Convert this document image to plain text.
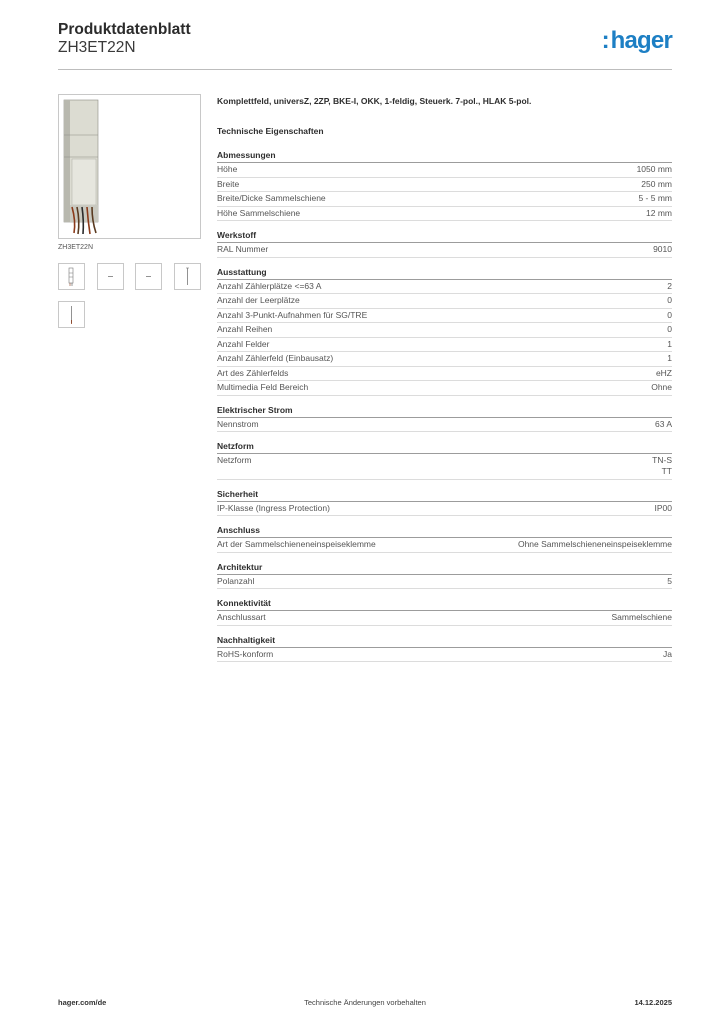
Produktdatenblatt
ZH3ET22N	:hager
ZH3ET22N
Komplettfeld, universZ, 2ZP, BKE-I, OKK, 1-feldig, Steuerk. 7-pol., HLAK 5-pol.
Technische Eigenschaften
Abmessungen
Höhe	1050 mm
Breite	250 mm
Breite/Dicke Sammelschiene	5 - 5 mm
Höhe Sammelschiene	12 mm
Werkstoff
RAL Nummer	9010
Ausstattung
Anzahl Zählerplätze <=63 A	2
Anzahl der Leerplätze	0
Anzahl 3-Punkt-Aufnahmen für SG/TRE	0
Anzahl Reihen	0
Anzahl Felder	1
Anzahl Zählerfeld (Einbausatz)	1
Art des Zählerfelds	eHZ
Multimedia Feld Bereich	Ohne
Elektrischer Strom
Nennstrom	63 A
Netzform
Netzform	TN-S
TT
Sicherheit
IP-Klasse (Ingress Protection)	IP00
Anschluss
Art der Sammelschieneneinspeiseklemme	Ohne Sammelschieneneinspeiseklemme
Architektur
Polanzahl	5
Konnektivität
Anschlussart	Sammelschiene
Nachhaltigkeit
RoHS-konform	Ja
hager.com/de	Technische Änderungen vorbehalten	14.12.2025
